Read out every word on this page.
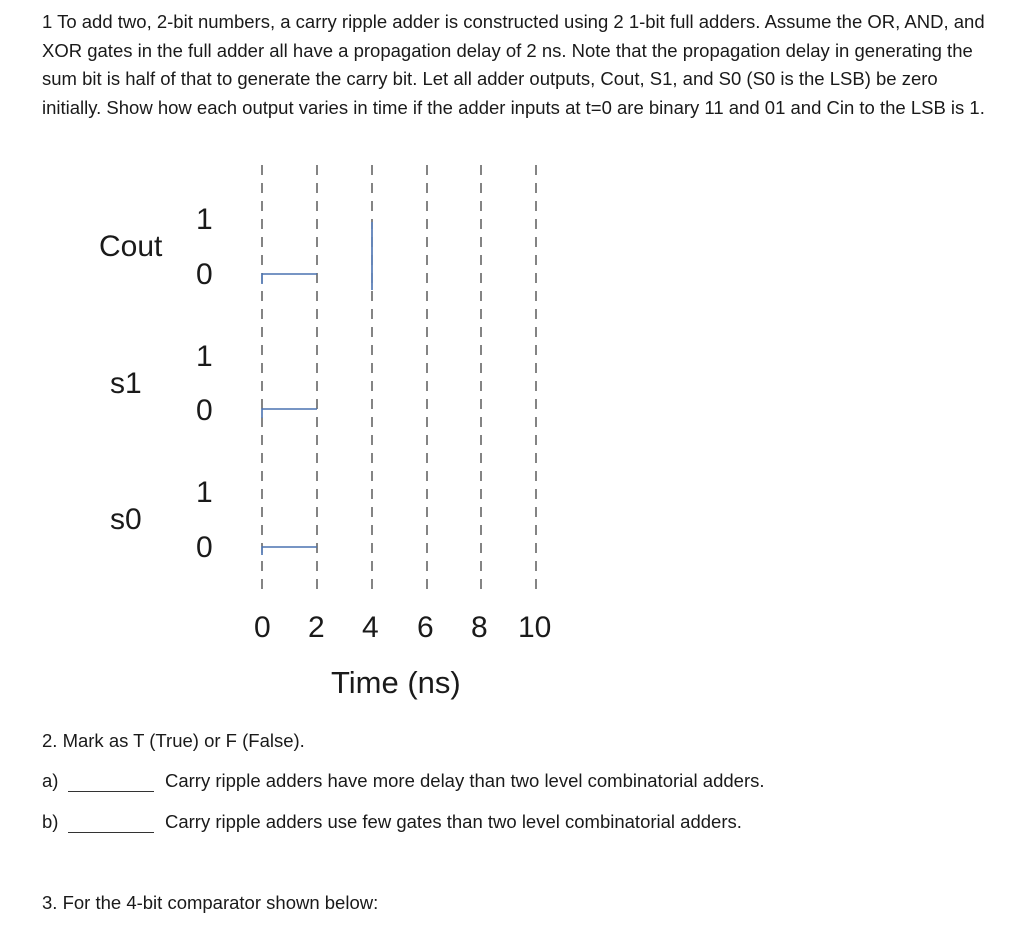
1 To add two, 2-bit numbers, a carry ripple adder is constructed using 2 1-bit full adders. Assume the OR, AND, and XOR gates in the full adder all have a propagation delay of 2 ns. Note that the propagation delay in generating the sum bit is half of that to generate the carry bit. Let all adder outputs, Cout, S1, and S0 (S0 is the LSB) be zero initially. Show how each output varies in time if the adder inputs at t=0 are binary 11 and 01 and Cin to the LSB is 1.
Cout
1
0
s1
1
0
s0
1
0
0 2 4 6 8 10
Time (ns)
2. Mark as T (True) or F (False).
a)	Carry ripple adders have more delay than two level combinatorial adders.
b)	Carry ripple adders use few gates than two level combinatorial adders.
3. For the 4-bit comparator shown below:
